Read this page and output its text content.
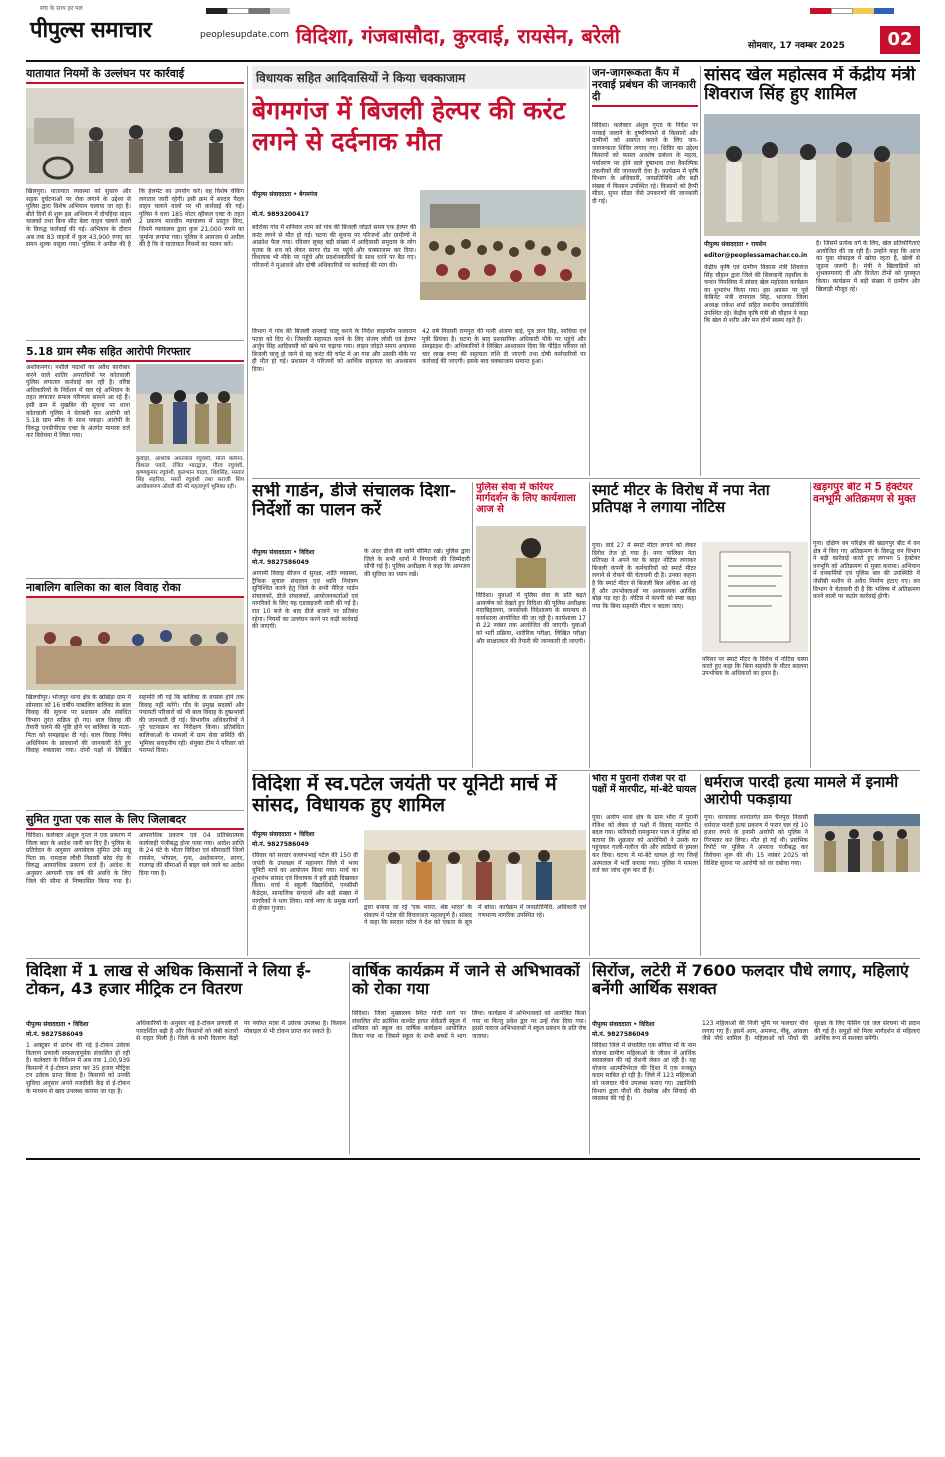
सच के साथ हर पल
पीपुल्स समाचार	peoplesupdate.com विदिशा, गंजबासौदा, कुरवाई, रायसेन, बरेली	सोमवार, 17 नवम्बर 2025	02
यातायात नियमों के उल्लंघन पर कार्रवाई
खिलपुरा। यातायात व्यवस्था को सुचारु और सड़क दुर्घटनाओं पर रोक लगाने के उद्देश्य से पुलिस द्वारा विशेष अभियान चलाया जा रहा है। बीते दिनों से शुरू इस अभियान में दोपहिया वाहन चालकों तथा बिना सीट बेल्ट वाहन चलाने वालों के विरुद्ध कार्रवाई की गई। अभियान के दौरान अब तक 83 वाहनों में कुल 43,900 रुपए का समन शुल्क वसूला गया। पुलिस ने अपील की है कि हेलमेट का उपयोग करें। वह विशेष चेकिंग लगातार जारी रहेगी। इसी क्रम में सरदार पैदल वाहन चलाने वालों पर भी कार्रवाई की गई। पुलिस ने धारा 185 मोटर व्हीकल एक्ट के तहत 2 प्रकरण मानवीय न्यायालय में प्रस्तुत किए, जिनमें न्यायालय द्वारा कुल 21,000 रुपये का जुर्माना लगाया गया। पुलिस ने आमजन से अपील की है कि वे यातायात नियमों का पालन करें।
5.18 ग्राम स्मैक सहित आरोपी गिरफ्तार
अशोकनगर। नशीले पदार्थों का अवैध कारोबार करने वाले शातिर अपराधियों पर कोतवाली पुलिस लगातार कार्रवाई कर रही है। वरिष्ठ अधिकारियों के निर्देशन में चल रहे अभियान के तहत लगातार सफल परिणाम सामने आ रहे हैं। इसी क्रम में मुखबिर की सूचना पर थाना कोतवाली पुलिस ने घेराबंदी कर आरोपी को 5.18 ग्राम स्मैक के साथ पकड़ा। आरोपी के विरुद्ध एनडीपीएस एक्ट के अंतर्गत मामला दर्ज कर विवेचना में लिया गया।
कुर्वाहा, आशोक अधरवाल रघुवंशी, मोता क्लेमन, विशाल पवारे, रंजित भारद्वाज, गौरव रघुवंशी, कृष्णकुमार रघुवंशी, कुलभान यादव, शिवसिंह, मस्तार सिंह सहरिया, मस्तों रघुवंशी तथा सराजी शिप आवोक्त्रमण ओवरी की भी महत्वपूर्ण भूमिका रही।
नाबालिग बालिका का बाल विवाह रोका
खिलचीपुर। भोजपुर थाना क्षेत्र के खोखेड़ा ग्राम में सोमवार को 16 वर्षीय नाबालिग बालिका के बाल विवाह की सूचना पर प्रशासन और संबंधित विभाग तुरंत सक्रिय हो गए। बाल विवाह की तैयारी चलने की पुष्टि होने पर बालिका के माता-पिता को समझाइश दी गई। बाल विवाह निषेध अधिनियम के प्रावधानों की जानकारी देते हुए विवाह रुकवाया गया। दोनों पक्षों से लिखित सहमति ली गई कि बालिका के वयस्क होने तक विवाह नहीं करेंगे। गाँव के प्रमुख सदस्यों और पंचायती परिवारों को भी बाल विवाह के दुष्प्रभावों की जानकारी दी गई। विभागीय अधिकारियों ने पूरे घटनाक्रम का निरीक्षण किया। प्रतिबंधित बालिकाओं के मामलों में ग्राम सेवा समिति की भूमिका सराहनीय रही। संयुक्त टीम ने परिवार को परामर्श दिया।
सुमित गुप्ता एक साल के लिए जिलाबदर
विदिशा। कलेक्टर अंशुल गुप्ता ने एक प्रकरण में जिला बदर के आदेश जारी कर दिए हैं। पुलिस के प्रतिवेदन के अनुसार अनावेदक सुमित उर्फ सन्नू पिता स्व. रामदास लौधी निवासी बरेठ रोड़ के विरुद्ध आपराधिक प्रकरण दर्ज हैं। आदेश के अनुसार आगामी एक वर्ष की अवधि के लिए जिले की सीमा से निष्कासित किया गया है। आपराधिक प्रकरण एवं 04 प्रतिबंधात्मक कार्यवाही पंजीबद्ध होना पाया गया। आदेश प्राप्ति के 24 घंटे के भीतर विदिशा एवं सीमावर्ती जिलों रायसेन, भोपाल, गुना, अशोकनगर, सागर, राजगढ़ की सीमाओं से बाहर चले जाने का आदेश दिया गया है।
विधायक सहित आदिवासियों ने किया चक्काजाम
बेगमगंज में बिजली हेल्पर की करंट लगने से दर्दनाक मौत
पीपुल्स संवाददाता • बेगमगंज
मो.नं. 9893200417
बदेरोसा गांव में शनिवार शाम को गांव की बिजली जोड़ते समय एक हेल्पर की करंट लगने से मौत हो गई। घटना की सूचना पर परिजनों और ग्रामीणों में आक्रोश फैल गया। रविवार सुबह बड़ी संख्या में आदिवासी समुदाय के लोग मृतक के शव को लेकर सागर रोड पर पहुंचे और चक्काजाम कर दिया। विधायक भी मौके पर पहुंचे और प्रदर्शनकारियों के साथ धरने पर बैठ गए। परिजनों ने मुआवजे और दोषी अधिकारियों पर कार्रवाई की मांग की।
विभाग ने गांव की बिजली सप्लाई चालू करने के निर्देश लाइनमैन फलाराम पटवा को दिए थे। जिसकी सहायता करने के लिए संजय लोधी एवं हेल्पर अर्जुन सिंह आदिवासी को खंभे पर चढ़ाया गया। लाइन जोड़ते समय अचानक बिजली चालू हो जाने से वह करंट की चपेट में आ गया और उसकी मौके पर ही मौत हो गई। प्रशासन ने परिजनों को आर्थिक सहायता का आश्वासन दिया।
42 वर्ष निवासी रामपुरा की पत्नी अंजना बाई, पुत्र ज्ञान सिंह, साधिया एवं पुत्री प्रियंका है। घटना के बाद प्रशासनिक अधिकारी मौके पर पहुंचे और समझाइश दी। अधिकारियों ने लिखित आश्वासन दिया कि पीड़ित परिवार को चार लाख रुपए की सहायता राशि दी जाएगी तथा दोषी कर्मचारियों पर कार्रवाई की जाएगी। इसके बाद चक्काजाम समाप्त हुआ।
जन-जागरूकता कैंप में नरवाई प्रबंधन की जानकारी दी
विदिशा। कलेक्टर अंशुल गुप्ता के निर्देश पर नरवाई जलाने के दुष्परिणामों से किसानों और ग्रामीणों को अवगत कराने के लिए जन-जागरूकता शिविर लगाए गए। शिविर का उद्देश्य किसानों को फसल अवशेष प्रबंधन के महत्व, पर्यावरण पर होने वाले दुष्प्रभाव तथा वैकल्पिक तकनीकों की जानकारी देना है। कार्यक्रम में कृषि विभाग के अधिकारी, जनप्रतिनिधि और बड़ी संख्या में किसान उपस्थित रहे। किसानों को हैप्पी सीडर, सुपर सीडर जैसे उपकरणों की जानकारी दी गई।
सांसद खेल महोत्सव में केंद्रीय मंत्री शिवराज सिंह हुए शामिल
पीपुल्स संवाददाता • रायसेन
editor@peoplessamachar.co.in
केंद्रीय कृषि एवं ग्रामीण विकास मंत्री शिवराज सिंह चौहान द्वारा जिले की सिलवानी तहसील के चन्दन पिपलिया में सांसद खेल महोत्सव कार्यक्रम का शुभारंभ किया गया। इस अवसर पर पूर्व केबिनेट मंत्री रामपाल सिंह, भाजपा जिला अध्यक्ष राकेश शर्मा सहित स्थानीय जनप्रतिनिधि उपस्थित रहे। केंद्रीय कृषि मंत्री श्री चौहान ने कहा कि खेल से शरीर और मन दोनों स्वस्थ रहते हैं।
है। जिसमें प्रत्येक वर्ग के लिए, खेल प्रतियोगिताएं आयोजित की जा रही हैं। उन्होंने कहा कि आज का युवा मोबाइल में खोया रहता है, खेलों से जुड़ना जरूरी है। मंत्री ने खिलाड़ियों को शुभकामनाएं दीं और विजेता टीमों को पुरस्कृत किया। कार्यक्रम में बड़ी संख्या में ग्रामीण और खिलाड़ी मौजूद रहे।
सभी गार्डन, डीजे संचालक दिशा-निर्देशों का पालन करें
पीपुल्स संवाददाता • विदिशा
मो.नं. 9827586049
आगामी विवाह सीजन में सुरक्षा, शांति व्यवस्था, ट्रैफिक सुचारु संचालन एवं ध्वनि नियंत्रण सुनिश्चित करने हेतु जिले के सभी मैरिज गार्डन संचालकों, डीजे संचालकों, आयोजनकर्ताओं एवं नागरिकों के लिए यह एडवाइजरी जारी की गई है। रात 10 बजे के बाद डीजे बजाने पर प्रतिबंध रहेगा। नियमों का उल्लंघन करने पर कड़ी कार्रवाई की जाएगी।
के अंदर डीजे की ध्वनि सीमित रखें। पुलिस द्वारा जिले के सभी थानों में निगरानी की जिम्मेदारी सौंपी गई है। पुलिस अधीक्षक ने कहा कि आमजन की सुविधा का ध्यान रखें।
पुलिस सेवा में करियर मार्गदर्शन के लिए कार्यशाला आज से
विदिशा। युवाओं में पुलिस सेवा के प्रति बढ़ते आकर्षण को देखते हुए विदिशा की पुलिस अधीक्षक मदाबिहालना, जनसंपर्क निदेशालय के समन्वय से कार्यशाला आयोजित की जा रही है। कार्यशाला 17 से 22 नवंबर तक आयोजित की जाएगी। युवाओं को भर्ती प्रक्रिया, शारीरिक परीक्षा, लिखित परीक्षा और साक्षात्कार की तैयारी की जानकारी दी जाएगी।
स्मार्ट मीटर के विरोध में नपा नेता प्रतिपक्ष ने लगाया नोटिस
गुना। वार्ड 27 में स्मार्ट मीटर लगाने को लेकर विरोध तेज हो गया है। नगर पालिका नेता प्रतिपक्ष ने अपने घर के बाहर नोटिस लगाकर बिजली कंपनी के कर्मचारियों को स्मार्ट मीटर लगाने से रोकने की चेतावनी दी है। उनका कहना है कि स्मार्ट मीटर से बिजली बिल अधिक आ रहे हैं और उपभोक्ताओं पर अनावश्यक आर्थिक बोझ पड़ रहा है। नोटिस में कंपनी को स्पष्ट कहा गया कि बिना सहमति मीटर न बदला जाए।
परिसर पर स्मार्ट मीटर के विरोध में नोटिस चस्पा करते हुए कहा कि बिना सहमति के मीटर बदलना उपभोक्ता के अधिकारों का हनन है।
खड़गपुर बीट में 5 हेक्टेयर वनभूमि अतिक्रमण से मुक्त
गुना। दक्षिण वन परिक्षेत्र की खड़गपुर बीट में वन क्षेत्र में किए गए अतिक्रमण के विरुद्ध वन विभाग ने बड़ी कार्रवाई करते हुए लगभग 5 हेक्टेयर वनभूमि को अतिक्रमण से मुक्त कराया। अभियान में वनकर्मियों एवं पुलिस बल की उपस्थिति में जेसीबी मशीन से अवैध निर्माण हटाए गए। वन विभाग ने चेतावनी दी है कि भविष्य में अतिक्रमण करने वालों पर कठोर कार्रवाई होगी।
विदिशा में स्व.पटेल जयंती पर यूनिटी मार्च में सांसद, विधायक हुए शामिल
पीपुल्स संवाददाता • विदिशा
मो.नं. 9827586049
रविवार को सरदार वल्लभभाई पटेल की 150 वीं जयंती के उपलक्ष्य में महानगर जिले में भव्य यूनिटी मार्च का आयोजन किया गया। मार्च का शुभारंभ सांसद एवं विधायक ने हरी झंडी दिखाकर किया। मार्च में स्कूली विद्यार्थियों, एनसीसी कैडेट्स, सामाजिक संगठनों और बड़ी संख्या में नागरिकों ने भाग लिया। मार्च नगर के प्रमुख मार्गों से होकर गुजरा।	द्वारा बनाया जा रहे 'एक भारत, श्रेष्ठ भारत' के संकल्प में पटेल की विचारधारा महत्वपूर्ण है। सांसद ने कहा कि सरदार पटेल ने देश को एकता के सूत्र में बांधा। कार्यक्रम में जनप्रतिनिधि, अधिकारी एवं गणमान्य नागरिक उपस्थित रहे।
भौरा में पुरानी रंजिश पर दो पक्षों में मारपीट, मां-बेटे घायल
गुना। आरोप थाना क्षेत्र के ग्राम भौरा में पुरानी रंजिश को लेकर दो पक्षों में विवाद मारपीट में बदल गया। फरियादी रामकुमार पाल ने पुलिस को बताया कि शुक्रवार को आरोपियों ने उसके घर पहुंचकर गाली-गलौज की और लाठियों से हमला कर दिया। घटना में मां-बेटे घायल हो गए जिन्हें अस्पताल में भर्ती कराया गया। पुलिस ने मामला दर्ज कर जांच शुरू कर दी है।
धर्मराज पारदी हत्या मामले में इनामी आरोपी पकड़ाया
गुना। धरनावदा थानांतर्गत ग्राम चैनपुरा निवासी धर्मराज पारदी हत्या प्रकरण में फरार चल रहे 10 हजार रुपये के इनामी आरोपी को पुलिस ने गिरफ्तार कर लिया। मौत हो गई थी। प्रारंभिक रिपोर्ट पर पुलिस ने अपराध पंजीबद्ध कर विवेचना शुरू की थी। 15 नवंबर 2025 को विशिष्ट सूचना पर आरोपी को धर दबोचा गया।
विदिशा में 1 लाख से अधिक किसानों ने लिया ई-टोकन, 43 हजार मीट्रिक टन वितरण
पीपुल्स संवाददाता • विदिशा
मो.नं. 9827586049
1 अक्टूबर से प्रारंभ की गई ई-टोकन उर्वरक वितरण प्रणाली सफलतापूर्वक संचालित हो रही है। कलेक्टर के निर्देशन में अब तक 1,00,939 किसानों ने ई-टोकन प्राप्त कर 35 हजार मीट्रिक टन उर्वरक प्राप्त किया है। किसानों को उनकी सुविधा अनुसार अपने नजदीकी केंद्र से ई-टोकन के माध्यम से खाद उपलब्ध कराया जा रहा है।
अधिकारियों के अनुसार नई ई-टोकन प्रणाली से पारदर्शिता बढ़ी है और किसानों को लंबी कतारों से राहत मिली है। जिले के सभी वितरण केंद्रों पर पर्याप्त मात्रा में उर्वरक उपलब्ध है। किसान मोबाइल से भी टोकन प्राप्त कर सकते हैं।
वार्षिक कार्यक्रम में जाने से अभिभावकों को रोका गया
विदिशा। जिला मुख्यालय स्थित गांधी मार्ग पर संचालित सेंट फ्रांसिस कान्वेंट हायर सेकेंडरी स्कूल में शनिवार को स्कूल का वार्षिक कार्यक्रम आयोजित किया गया था जिसमें स्कूल के सभी बच्चों ने भाग लिया। कार्यक्रम में अभिभावकों को आमंत्रित किया गया था किन्तु प्रवेश द्वार पर उन्हें रोक दिया गया। इससे नाराज अभिभावकों ने स्कूल प्रबंधन के प्रति रोष जताया।
सिरोंज, लटेरी में 7600 फलदार पौधे लगाए, महिलाएं बनेंगी आर्थिक सशक्त
पीपुल्स संवाददाता • विदिशा
मो.नं. 9827586049
विदिशा जिले में संचालित एक बगिया माँ के नाम योजना ग्रामीण महिलाओं के जीवन में आर्थिक स्वावलंबन की नई रोशनी लेकर आ रही है। यह योजना आत्मनिर्भरता की दिशा में एक मजबूत कदम साबित हो रही है। जिले में 123 महिलाओं को फलदार पौधे उपलब्ध कराए गए। उद्यानिकी विभाग द्वारा पौधों की देखरेख और सिंचाई की व्यवस्था की गई है।
123 महिलाओं की निजी भूमि पर फलदार पौधे लगाए गए हैं। इसमें आम, अमरूद, नींबू, आंवला जैसे पौधे शामिल हैं। महिलाओं को पौधों की सुरक्षा के लिए फेंसिंग एवं जल संरचना भी प्रदान की गई है। समूहों को मिला मार्गदर्शन से महिलाएं आर्थिक रूप से सशक्त बनेंगी।
